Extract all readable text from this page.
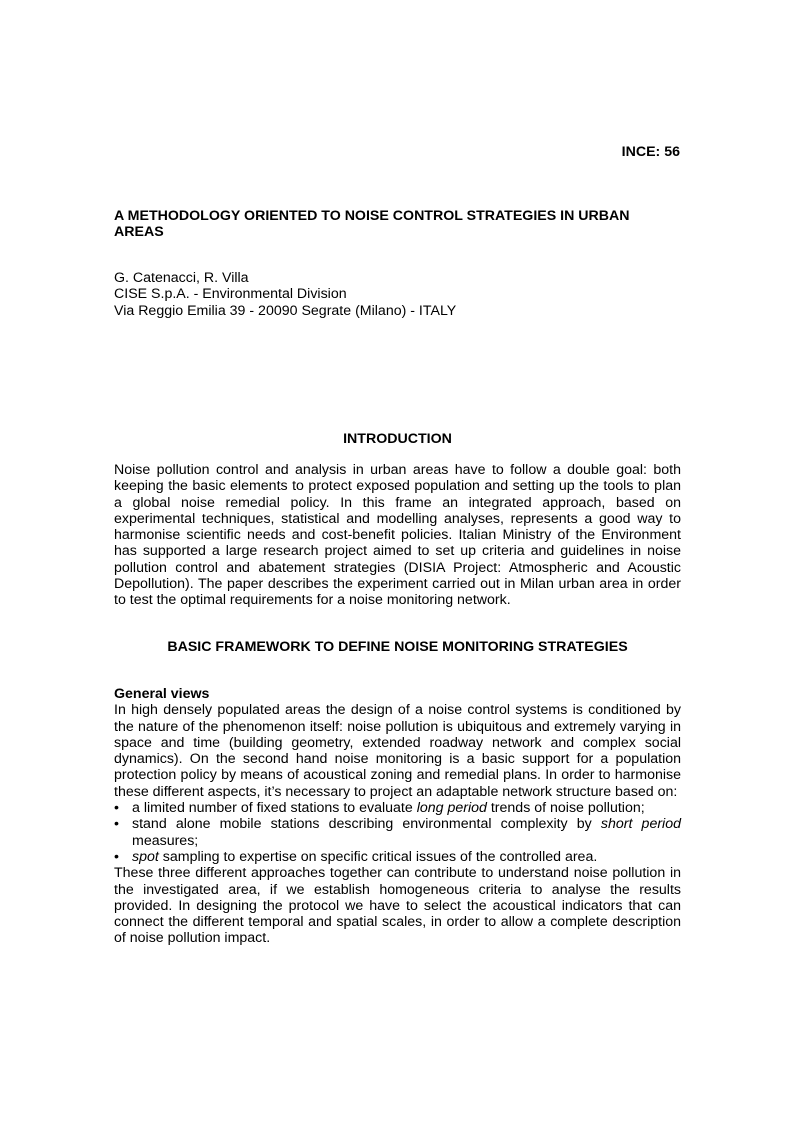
INCE: 56
A METHODOLOGY ORIENTED TO NOISE CONTROL STRATEGIES IN URBAN AREAS
G. Catenacci, R. Villa
CISE S.p.A. - Environmental Division
Via Reggio Emilia 39 - 20090 Segrate (Milano) - ITALY
INTRODUCTION

Noise pollution control and analysis in urban areas have to follow a double goal: both keeping the basic elements to protect exposed population and setting up the tools to plan a global noise remedial policy. In this frame an integrated approach, based on experimental techniques, statistical and modelling analyses, represents a good way to harmonise scientific needs and cost-benefit policies. Italian Ministry of the Environment has supported a large research project aimed to set up criteria and guidelines in noise pollution control and abatement strategies (DISIA Project: Atmospheric and Acoustic Depollution). The paper describes the experiment carried out in Milan urban area in order to test the optimal requirements for a noise monitoring network.

BASIC FRAMEWORK TO DEFINE NOISE MONITORING STRATEGIES
General views

In high densely populated areas the design of a noise control systems is conditioned by the nature of the phenomenon itself: noise pollution is ubiquitous and extremely varying in space and time (building geometry, extended roadway network and complex social dynamics). On the second hand noise monitoring is a basic support for a population protection policy by means of acoustical zoning and remedial plans. In order to harmonise these different aspects, it’s necessary to project an adaptable network structure based on:

• a limited number of fixed stations to evaluate long period trends of noise pollution;
• stand alone mobile stations describing environmental complexity by short period measures;
• spot sampling to expertise on specific critical issues of the controlled area.

These three different approaches together can contribute to understand noise pollution in the investigated area, if we establish homogeneous criteria to analyse the results provided. In designing the protocol we have to select the acoustical indicators that can connect the different temporal and spatial scales, in order to allow a complete description of noise pollution impact.
